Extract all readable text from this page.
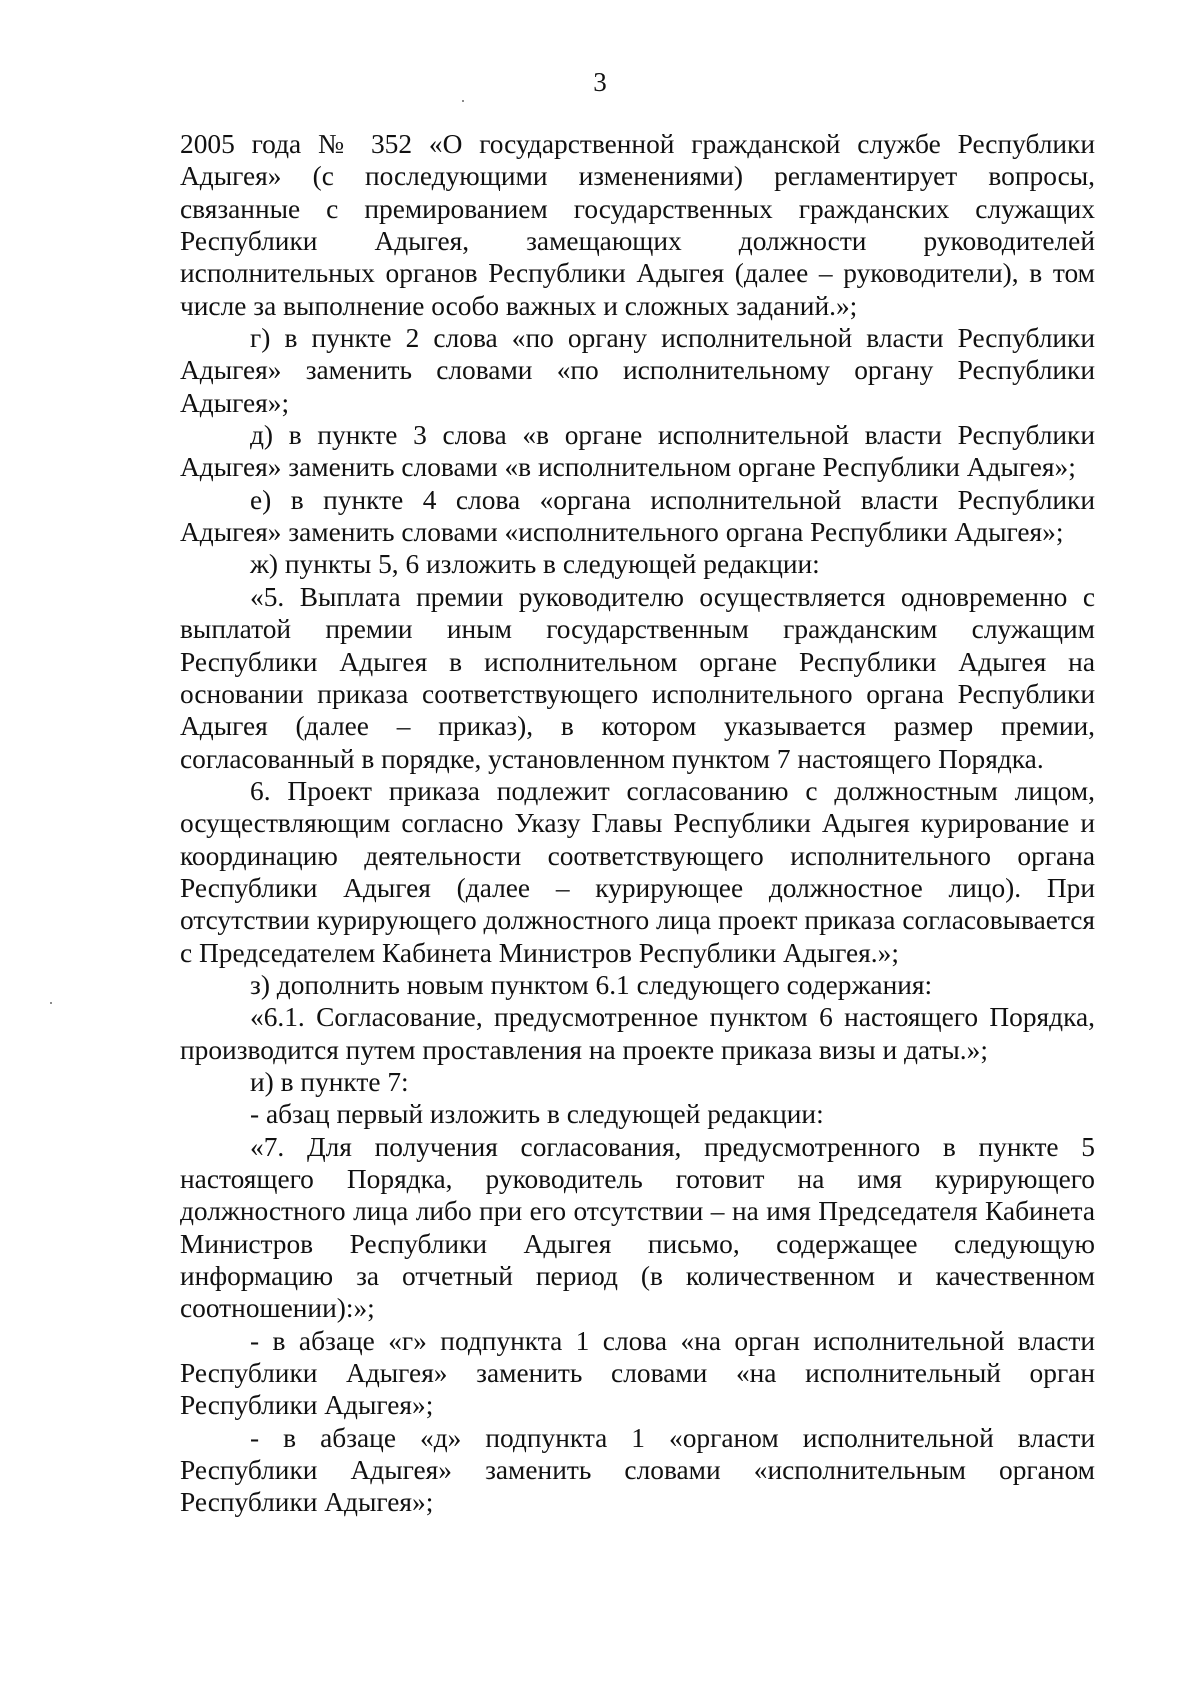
3

2005 года № 352 «О государственной гражданской службе Республики Адыгея» (с последующими изменениями) регламентирует вопросы, связанные с премированием государственных гражданских служащих Республики Адыгея, замещающих должности руководителей исполнительных органов Республики Адыгея (далее – руководители), в том числе за выполнение особо важных и сложных заданий.»;

г) в пункте 2 слова «по органу исполнительной власти Республики Адыгея» заменить словами «по исполнительному органу Республики Адыгея»;

д) в пункте 3 слова «в органе исполнительной власти Республики Адыгея» заменить словами «в исполнительном органе Республики Адыгея»;

е) в пункте 4 слова «органа исполнительной власти Республики Адыгея» заменить словами «исполнительного органа Республики Адыгея»;

ж) пункты 5, 6 изложить в следующей редакции:

«5. Выплата премии руководителю осуществляется одновременно с выплатой премии иным государственным гражданским служащим Республики Адыгея в исполнительном органе Республики Адыгея на основании приказа соответствующего исполнительного органа Республики Адыгея (далее – приказ), в котором указывается размер премии, согласованный в порядке, установленном пунктом 7 настоящего Порядка.

6. Проект приказа подлежит согласованию с должностным лицом, осуществляющим согласно Указу Главы Республики Адыгея курирование и координацию деятельности соответствующего исполнительного органа Республики Адыгея (далее – курирующее должностное лицо). При отсутствии курирующего должностного лица проект приказа согласовывается с Председателем Кабинета Министров Республики Адыгея.»;

з) дополнить новым пунктом 6.1 следующего содержания:

«6.1. Согласование, предусмотренное пунктом 6 настоящего Порядка, производится путем проставления на проекте приказа визы и даты.»;

и) в пункте 7:

- абзац первый изложить в следующей редакции:

«7. Для получения согласования, предусмотренного в пункте 5 настоящего Порядка, руководитель готовит на имя курирующего должностного лица либо при его отсутствии – на имя Председателя Кабинета Министров Республики Адыгея письмо, содержащее следующую информацию за отчетный период (в количественном и качественном соотношении):»;

- в абзаце «г» подпункта 1 слова «на орган исполнительной власти Республики Адыгея» заменить словами «на исполнительный орган Республики Адыгея»;

- в абзаце «д» подпункта 1 «органом исполнительной власти Республики Адыгея» заменить словами «исполнительным органом Республики Адыгея»;
